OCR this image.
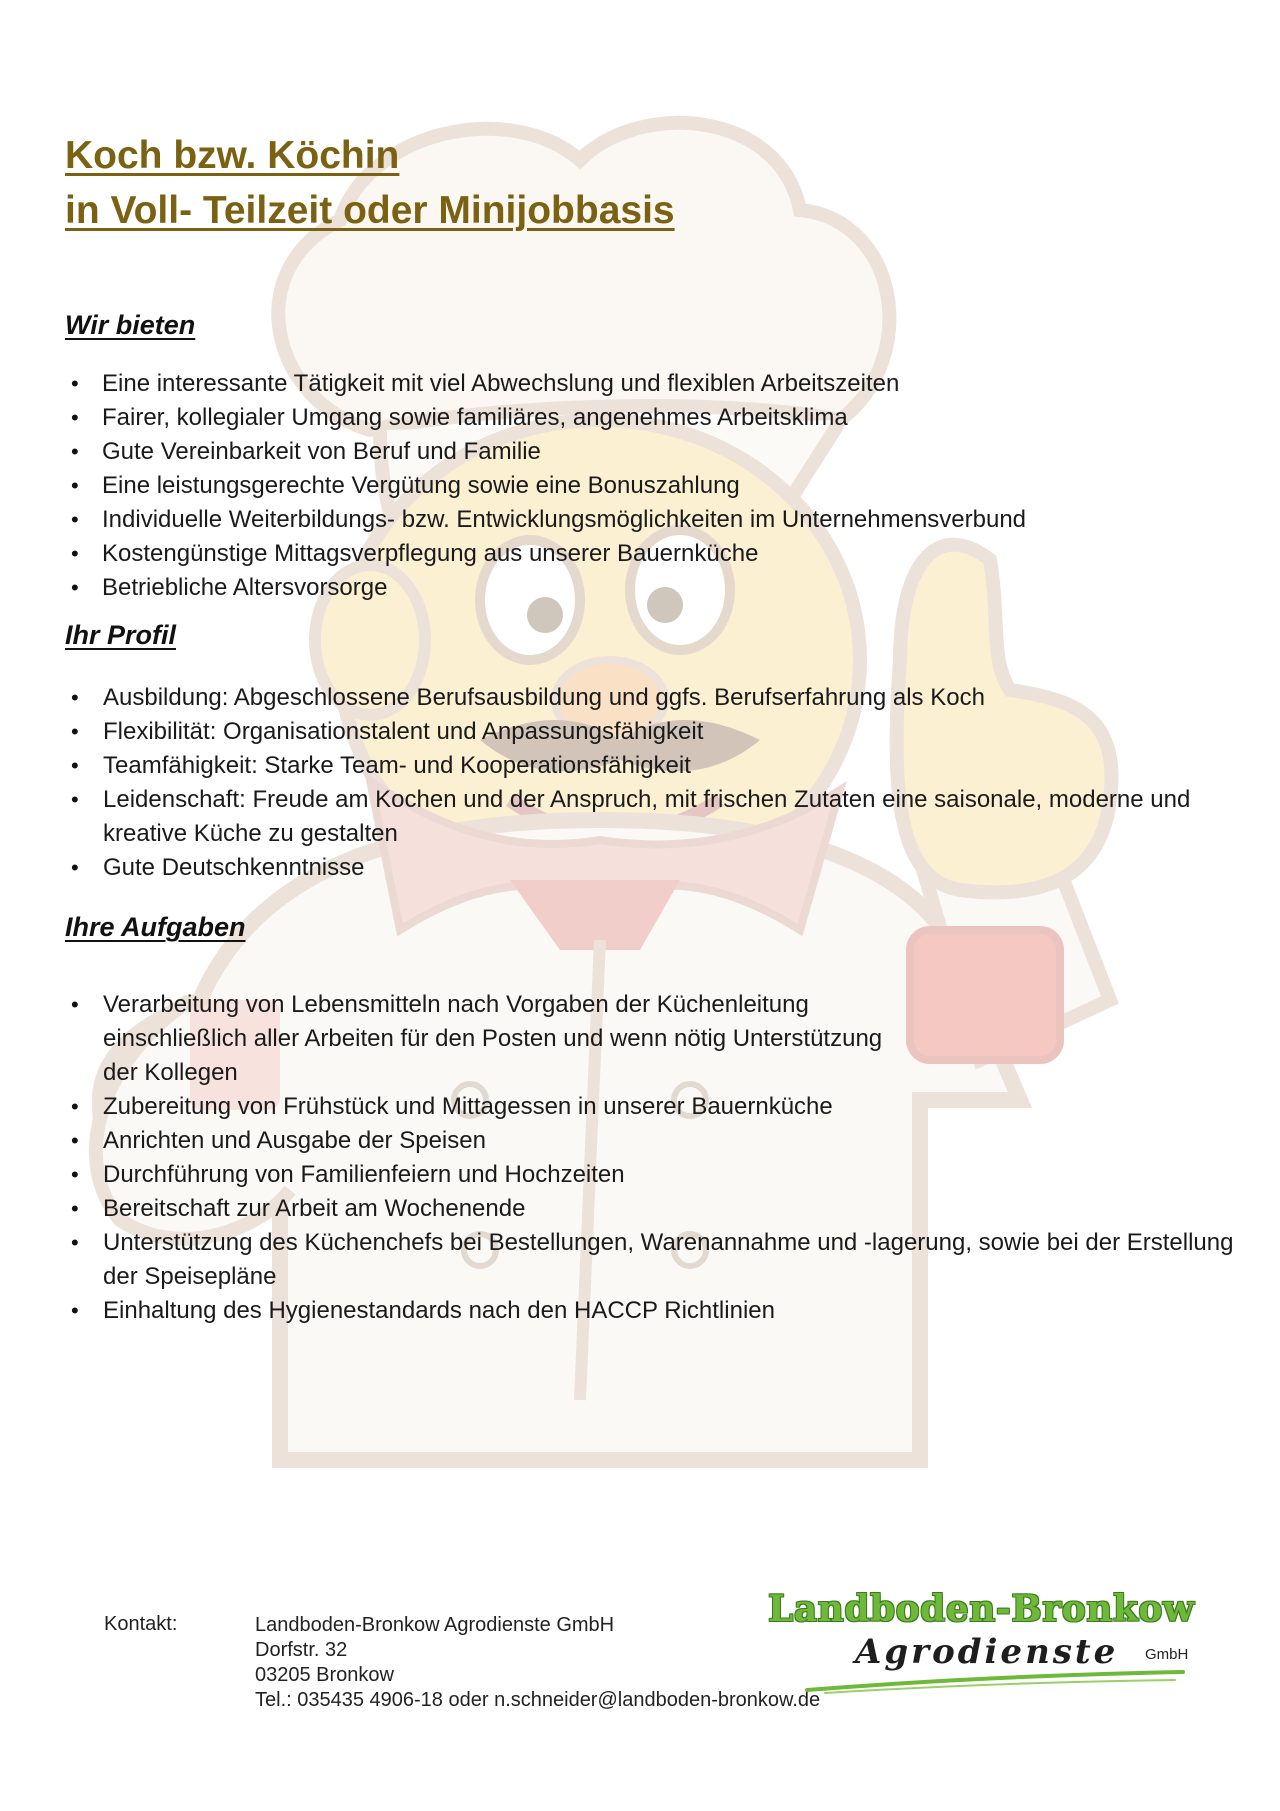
Koch bzw. Köchin
in Voll- Teilzeit oder Minijobbasis
Wir bieten
• Eine interessante Tätigkeit mit viel Abwechslung und flexiblen Arbeitszeiten
• Fairer, kollegialer Umgang sowie familiäres, angenehmes Arbeitsklima
• Gute Vereinbarkeit von Beruf und Familie
• Eine leistungsgerechte Vergütung sowie eine Bonuszahlung
• Individuelle Weiterbildungs- bzw. Entwicklungsmöglichkeiten im Unternehmensverbund
• Kostengünstige Mittagsverpflegung aus unserer Bauernküche
• Betriebliche Altersvorsorge
Ihr Profil
• Ausbildung: Abgeschlossene Berufsausbildung und ggfs. Berufserfahrung als Koch
• Flexibilität: Organisationstalent und Anpassungsfähigkeit
• Teamfähigkeit: Starke Team- und Kooperationsfähigkeit
• Leidenschaft: Freude am Kochen und der Anspruch, mit frischen Zutaten eine saisonale, moderne und kreative Küche zu gestalten
• Gute Deutschkenntnisse
Ihre Aufgaben
• Verarbeitung von Lebensmitteln nach Vorgaben der Küchenleitung einschließlich aller Arbeiten für den Posten und wenn nötig Unterstützung der Kollegen
• Zubereitung von Frühstück und Mittagessen in unserer Bauernküche
• Anrichten und Ausgabe der Speisen
• Durchführung von Familienfeiern und Hochzeiten
• Bereitschaft zur Arbeit am Wochenende
• Unterstützung des Küchenchefs bei Bestellungen, Warenannahme und -lagerung, sowie bei der Erstellung der Speisepläne
• Einhaltung des Hygienestandards nach den HACCP Richtlinien
Kontakt:	Landboden-Bronkow Agrodienste GmbH
Dorfstr. 32
03205 Bronkow
Tel.: 035435 4906-18 oder n.schneider@landboden-bronkow.de
Landboden-Bronkow
Agrodienste GmbH
